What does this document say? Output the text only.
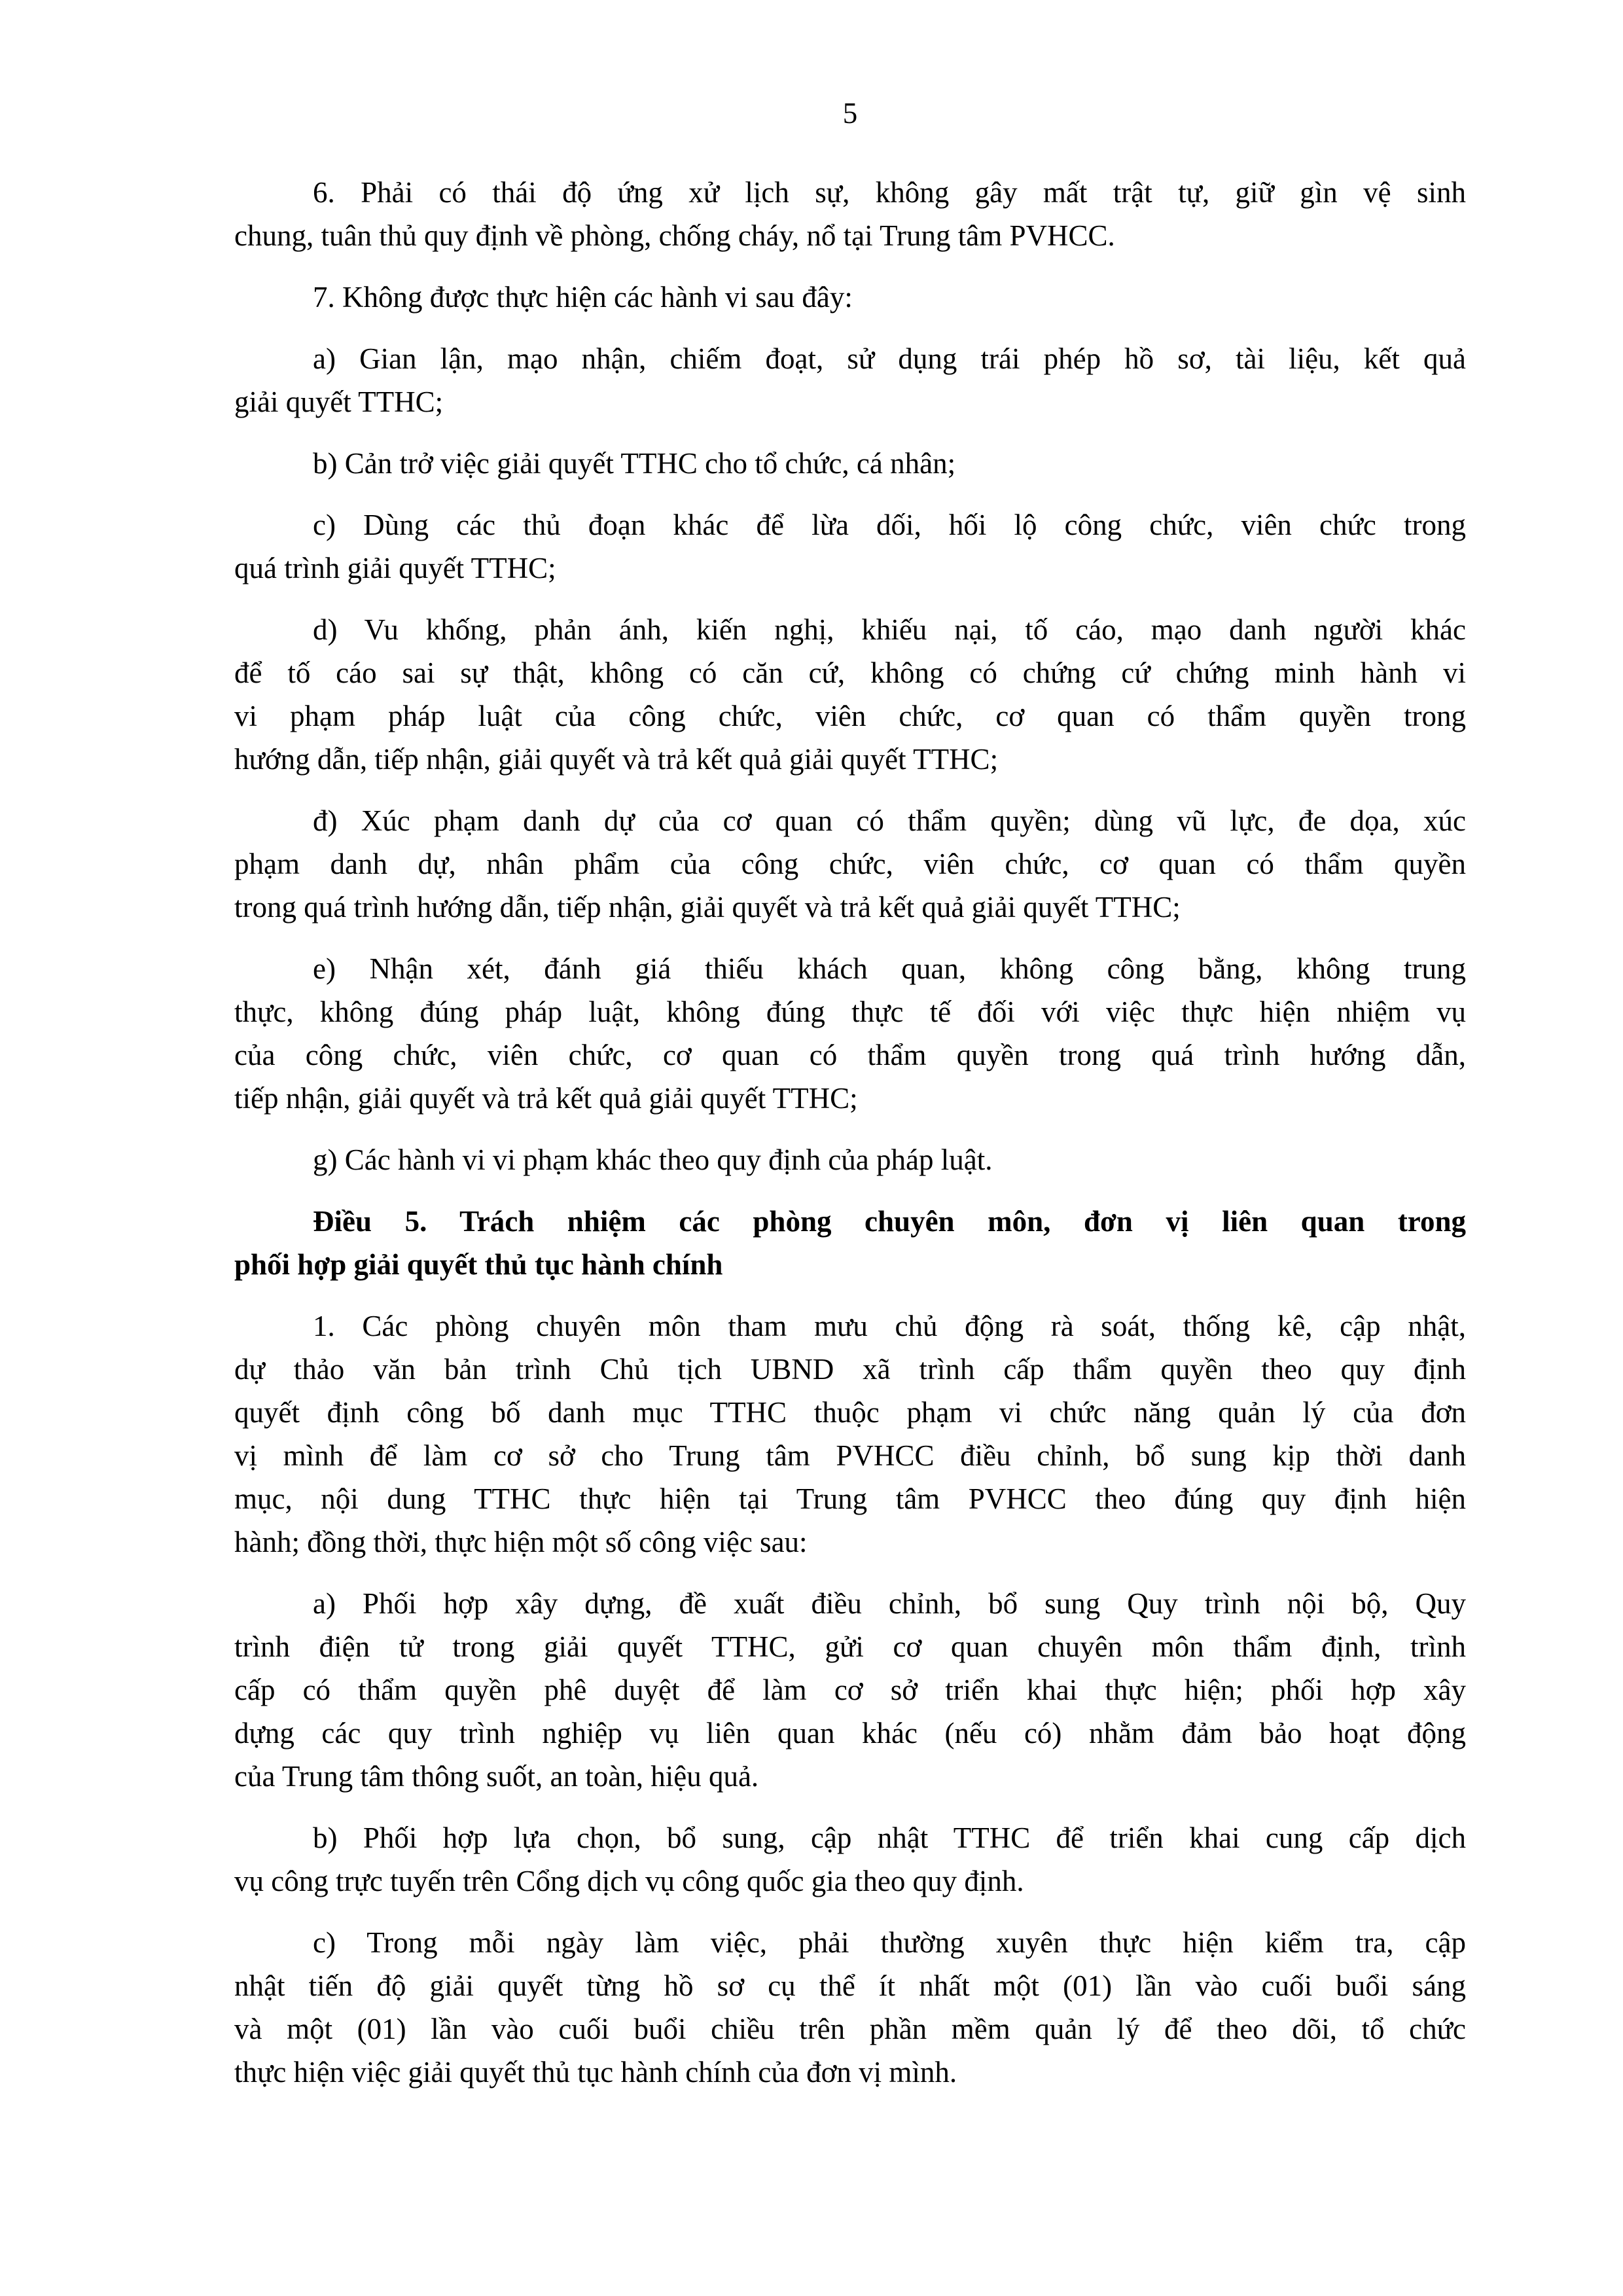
5

6. Phải có thái độ ứng xử lịch sự, không gây mất trật tự, giữ gìn vệ sinh
chung, tuân thủ quy định về phòng, chống cháy, nổ tại Trung tâm PVHCC.

7. Không được thực hiện các hành vi sau đây:

a) Gian lận, mạo nhận, chiếm đoạt, sử dụng trái phép hồ sơ, tài liệu, kết quả
giải quyết TTHC;

b) Cản trở việc giải quyết TTHC cho tổ chức, cá nhân;

c) Dùng các thủ đoạn khác để lừa dối, hối lộ công chức, viên chức trong
quá trình giải quyết TTHC;

d) Vu khống, phản ánh, kiến nghị, khiếu nại, tố cáo, mạo danh người khác
để tố cáo sai sự thật, không có căn cứ, không có chứng cứ chứng minh hành vi
vi phạm pháp luật của công chức, viên chức, cơ quan có thẩm quyền trong
hướng dẫn, tiếp nhận, giải quyết và trả kết quả giải quyết TTHC;

đ) Xúc phạm danh dự của cơ quan có thẩm quyền; dùng vũ lực, đe dọa, xúc
phạm danh dự, nhân phẩm của công chức, viên chức, cơ quan có thẩm quyền
trong quá trình hướng dẫn, tiếp nhận, giải quyết và trả kết quả giải quyết TTHC;

e) Nhận xét, đánh giá thiếu khách quan, không công bằng, không trung
thực, không đúng pháp luật, không đúng thực tế đối với việc thực hiện nhiệm vụ
của công chức, viên chức, cơ quan có thẩm quyền trong quá trình hướng dẫn,
tiếp nhận, giải quyết và trả kết quả giải quyết TTHC;

g) Các hành vi vi phạm khác theo quy định của pháp luật.

Điều 5. Trách nhiệm các phòng chuyên môn, đơn vị liên quan trong
phối hợp giải quyết thủ tục hành chính

1. Các phòng chuyên môn tham mưu chủ động rà soát, thống kê, cập nhật,
dự thảo văn bản trình Chủ tịch UBND xã trình cấp thẩm quyền theo quy định
quyết định công bố danh mục TTHC thuộc phạm vi chức năng quản lý của đơn
vị mình để làm cơ sở cho Trung tâm PVHCC điều chỉnh, bổ sung kịp thời danh
mục, nội dung TTHC thực hiện tại Trung tâm PVHCC theo đúng quy định hiện
hành; đồng thời, thực hiện một số công việc sau:

a) Phối hợp xây dựng, đề xuất điều chỉnh, bổ sung Quy trình nội bộ, Quy
trình điện tử trong giải quyết TTHC, gửi cơ quan chuyên môn thẩm định, trình
cấp có thẩm quyền phê duyệt để làm cơ sở triển khai thực hiện; phối hợp xây
dựng các quy trình nghiệp vụ liên quan khác (nếu có) nhằm đảm bảo hoạt động
của Trung tâm thông suốt, an toàn, hiệu quả.

b) Phối hợp lựa chọn, bổ sung, cập nhật TTHC để triển khai cung cấp dịch
vụ công trực tuyến trên Cổng dịch vụ công quốc gia theo quy định.

c) Trong mỗi ngày làm việc, phải thường xuyên thực hiện kiểm tra, cập
nhật tiến độ giải quyết từng hồ sơ cụ thể ít nhất một (01) lần vào cuối buổi sáng
và một (01) lần vào cuối buổi chiều trên phần mềm quản lý để theo dõi, tổ chức
thực hiện việc giải quyết thủ tục hành chính của đơn vị mình.
